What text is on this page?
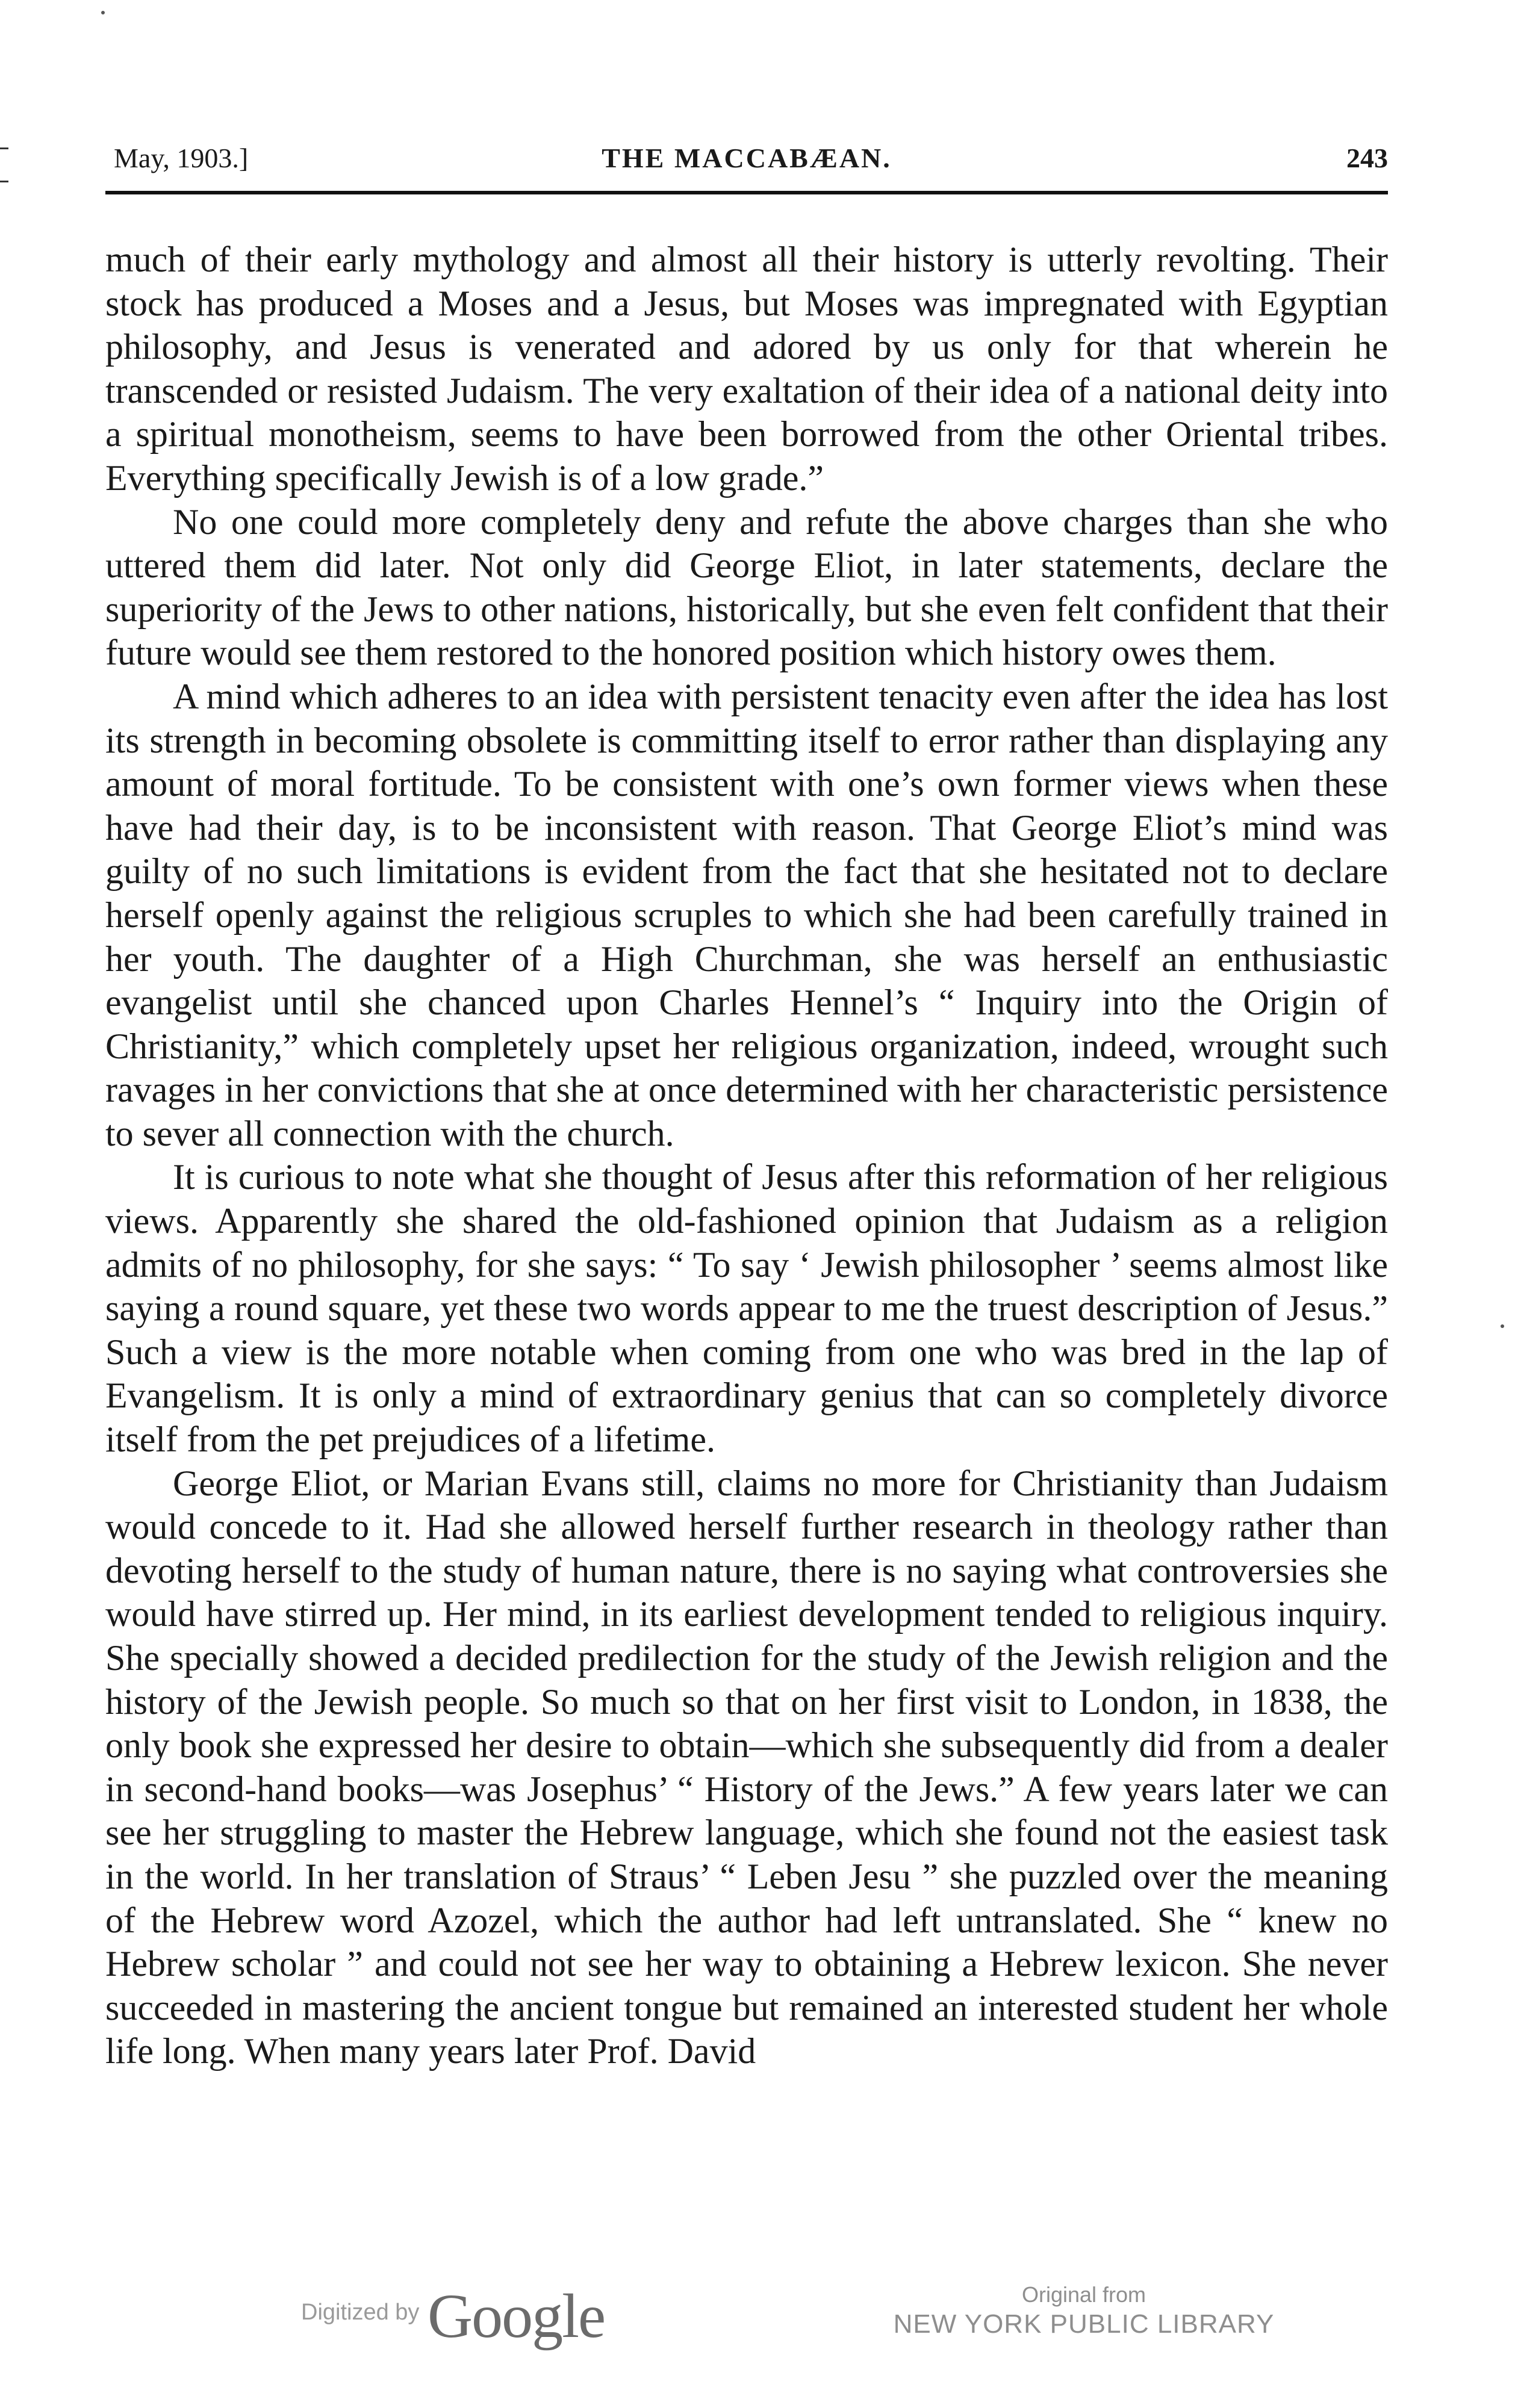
May, 1903.]	THE MACCABÆAN.	243

much of their early mythology and almost all their history is utterly revolting. Their stock has produced a Moses and a Jesus, but Moses was impregnated with Egyptian philosophy, and Jesus is venerated and adored by us only for that wherein he transcended or resisted Judaism. The very exaltation of their idea of a national deity into a spiritual monotheism, seems to have been borrowed from the other Oriental tribes. Everything specifically Jewish is of a low grade.”

No one could more completely deny and refute the above charges than she who uttered them did later. Not only did George Eliot, in later statements, declare the superiority of the Jews to other nations, historically, but she even felt confident that their future would see them restored to the honored position which history owes them.

A mind which adheres to an idea with persistent tenacity even after the idea has lost its strength in becoming obsolete is committing itself to error rather than displaying any amount of moral fortitude. To be consistent with one’s own former views when these have had their day, is to be inconsistent with reason. That George Eliot’s mind was guilty of no such limitations is evident from the fact that she hesitated not to declare herself openly against the religious scruples to which she had been carefully trained in her youth. The daughter of a High Churchman, she was herself an enthusiastic evangelist until she chanced upon Charles Hennel’s “ Inquiry into the Origin of Christianity,” which completely upset her religious organization, indeed, wrought such ravages in her convictions that she at once determined with her characteristic persistence to sever all connection with the church.

It is curious to note what she thought of Jesus after this reformation of her religious views. Apparently she shared the old-fashioned opinion that Judaism as a religion admits of no philosophy, for she says: “ To say ‘ Jewish philosopher ’ seems almost like saying a round square, yet these two words appear to me the truest description of Jesus.” Such a view is the more notable when coming from one who was bred in the lap of Evangelism. It is only a mind of extraordinary genius that can so completely divorce itself from the pet prejudices of a lifetime.

George Eliot, or Marian Evans still, claims no more for Christianity than Judaism would concede to it. Had she allowed herself further research in theology rather than devoting herself to the study of human nature, there is no saying what controversies she would have stirred up. Her mind, in its earliest development tended to religious inquiry. She specially showed a decided predilection for the study of the Jewish religion and the history of the Jewish people. So much so that on her first visit to London, in 1838, the only book she expressed her desire to obtain—which she subsequently did from a dealer in second-hand books—was Josephus’ “ History of the Jews.” A few years later we can see her struggling to master the Hebrew language, which she found not the easiest task in the world. In her translation of Straus’ “ Leben Jesu ” she puzzled over the meaning of the Hebrew word Azozel, which the author had left untranslated. She “ knew no Hebrew scholar ” and could not see her way to obtaining a Hebrew lexicon. She never succeeded in mastering the ancient tongue but remained an interested student her whole life long. When many years later Prof. David

Digitized by Google	Original from
NEW YORK PUBLIC LIBRARY
